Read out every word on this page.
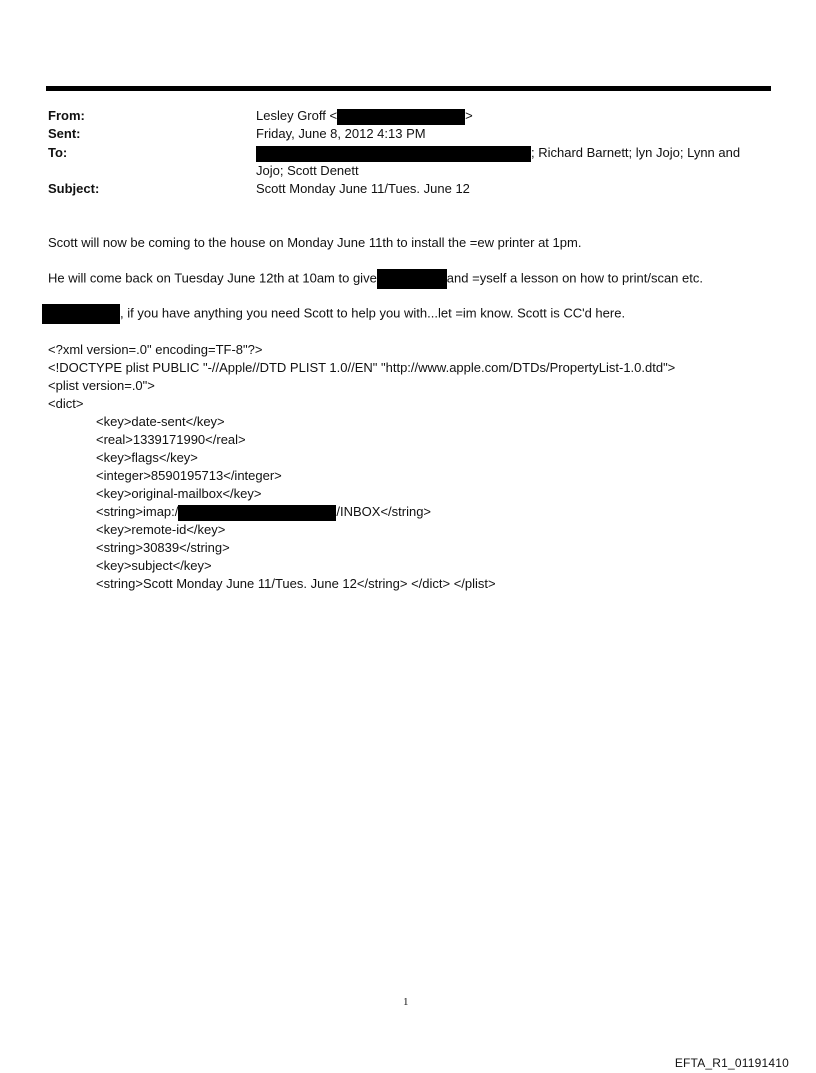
From:	Lesley Groff <	>
Sent:	Friday, June 8, 2012 4:13 PM
To:	; Richard Barnett; lyn Jojo; Lynn and
Jojo; Scott Denett
Subject:	Scott Monday June 11/Tues. June 12
Scott will now be coming to the house on Monday June 11th to install the =ew printer at 1pm.
He will come back on Tuesday June 12th at 10am to give	and =yself a lesson on how to print/scan etc.
, if you have anything you need Scott to help you with...let =im know. Scott is CC'd here.
<?xml version=.0" encoding=TF-8"?>
<!DOCTYPE plist PUBLIC "-//Apple//DTD PLIST 1.0//EN" "http://www.apple.com/DTDs/PropertyList-1.0.dtd">
<plist version=.0">
<dict>
<key>date-sent</key>
<real>1339171990</real>
<key>flags</key>
<integer>8590195713</integer>
<key>original-mailbox</key>
<string>imap:/	/INBOX</string>
<key>remote-id</key>
<string>30839</string>
<key>subject</key>
<string>Scott Monday June 11/Tues. June 12</string> </dict> </plist>
1
EFTA_R1_01191410
